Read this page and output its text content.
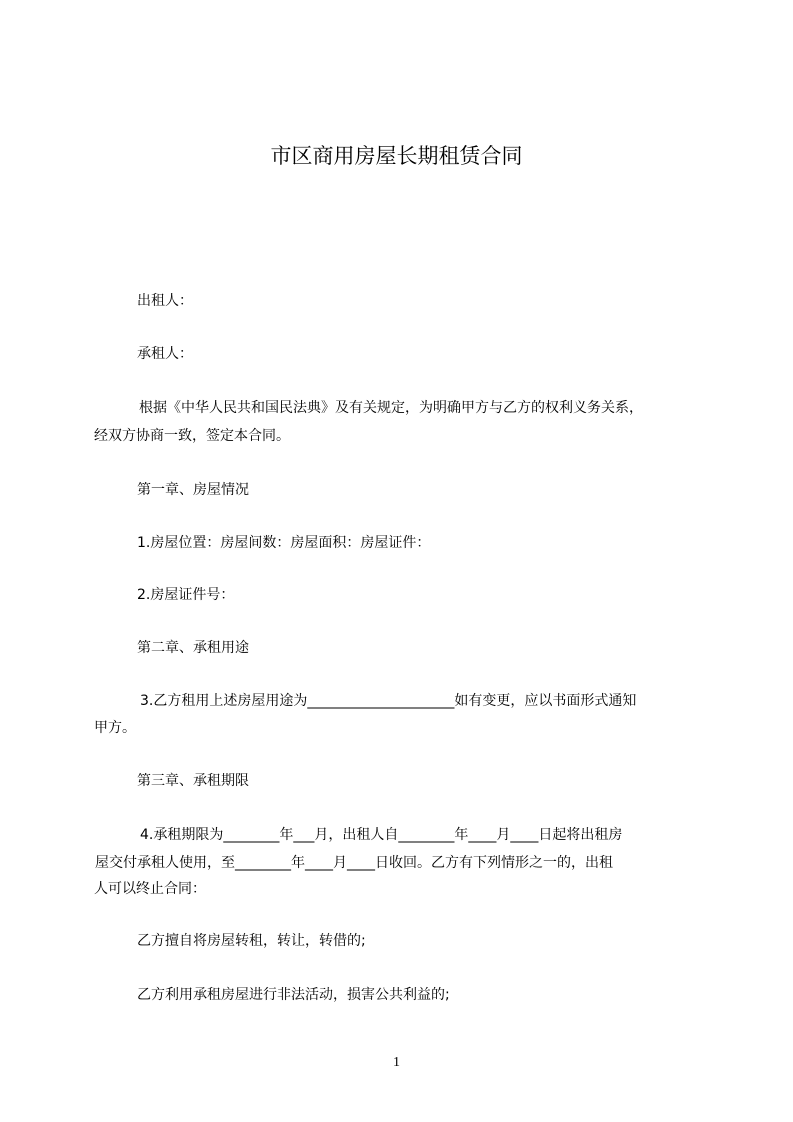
市区商用房屋长期租赁合同
出租人：
承租人：
根据《中华人民共和国民法典》及有关规定，为明确甲方与乙方的权利义务关系，
经双方协商一致，签定本合同。
第一章、房屋情况
1.房屋位置：房屋间数：房屋面积：房屋证件：
2.房屋证件号：
第二章、承租用途
3.乙方租用上述房屋用途为_____________________如有变更，应以书面形式通知
甲方。
第三章、承租期限
4.承租期限为________年___月，出租人自________年____月____日起将出租房
屋交付承租人使用，至________年____月____日收回。乙方有下列情形之一的，出租
人可以终止合同：
乙方擅自将房屋转租，转让，转借的;
乙方利用承租房屋进行非法活动，损害公共利益的;
1
